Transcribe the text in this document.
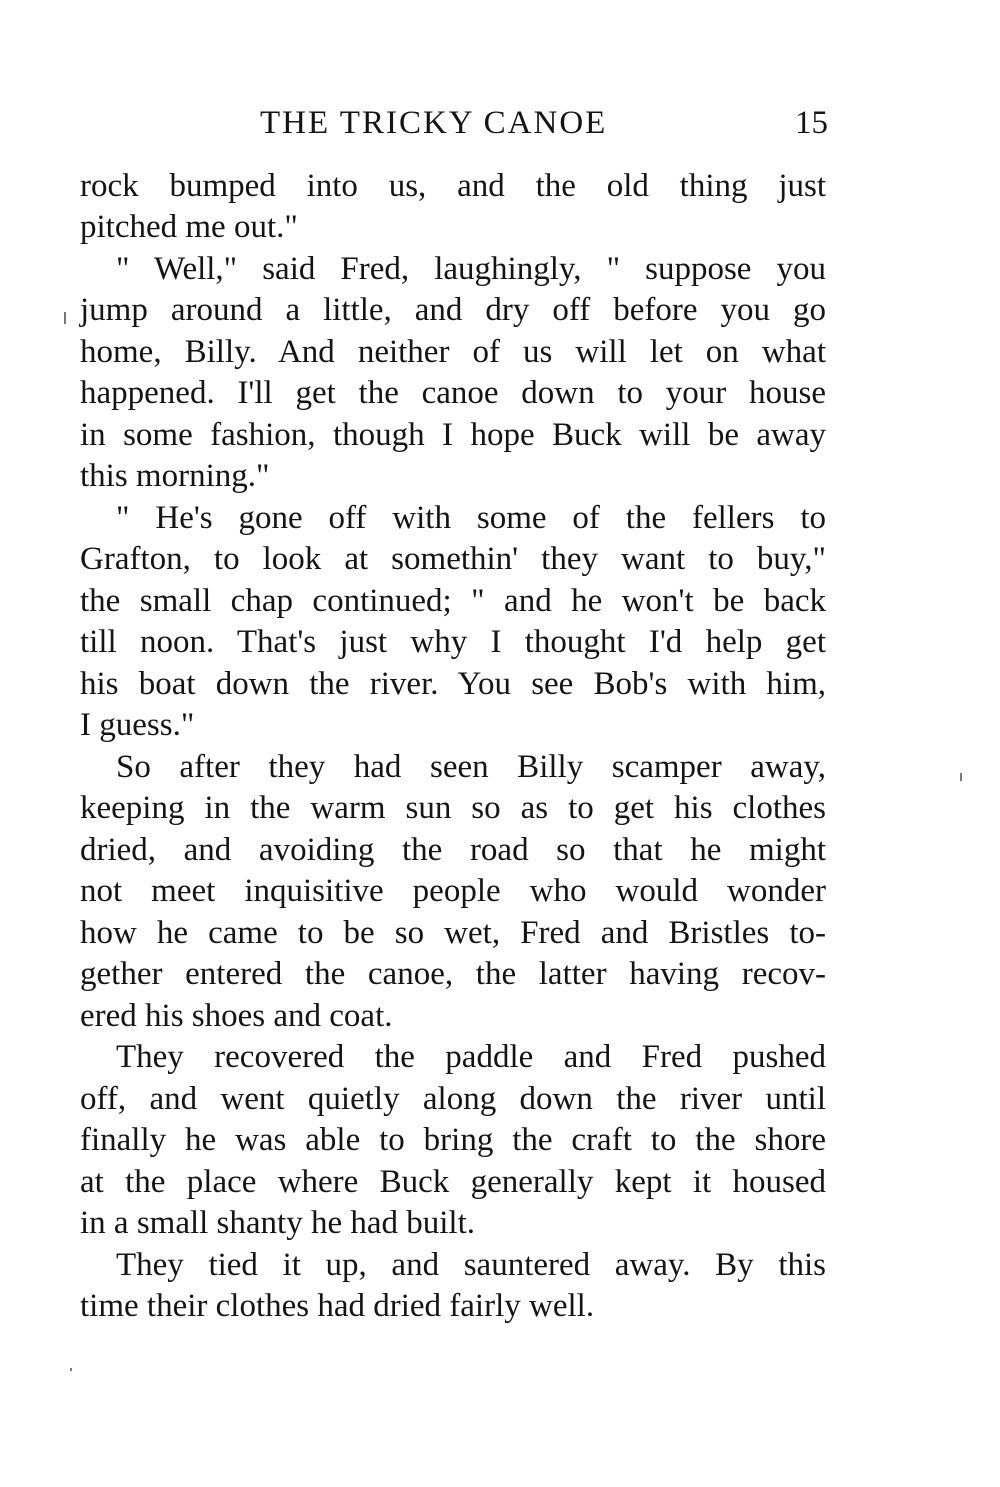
THE TRICKY CANOE	15
rock bumped into us, and the old thing just
pitched me out."
" Well," said Fred, laughingly, " suppose you
jump around a little, and dry off before you go
home, Billy. And neither of us will let on what
happened. I'll get the canoe down to your house
in some fashion, though I hope Buck will be away
this morning."
" He's gone off with some of the fellers to
Grafton, to look at somethin' they want to buy,"
the small chap continued; " and he won't be back
till noon. That's just why I thought I'd help get
his boat down the river. You see Bob's with him,
I guess."
So after they had seen Billy scamper away,
keeping in the warm sun so as to get his clothes
dried, and avoiding the road so that he might
not meet inquisitive people who would wonder
how he came to be so wet, Fred and Bristles to-
gether entered the canoe, the latter having recov-
ered his shoes and coat.
They recovered the paddle and Fred pushed
off, and went quietly along down the river until
finally he was able to bring the craft to the shore
at the place where Buck generally kept it housed
in a small shanty he had built.
They tied it up, and sauntered away. By this
time their clothes had dried fairly well.
